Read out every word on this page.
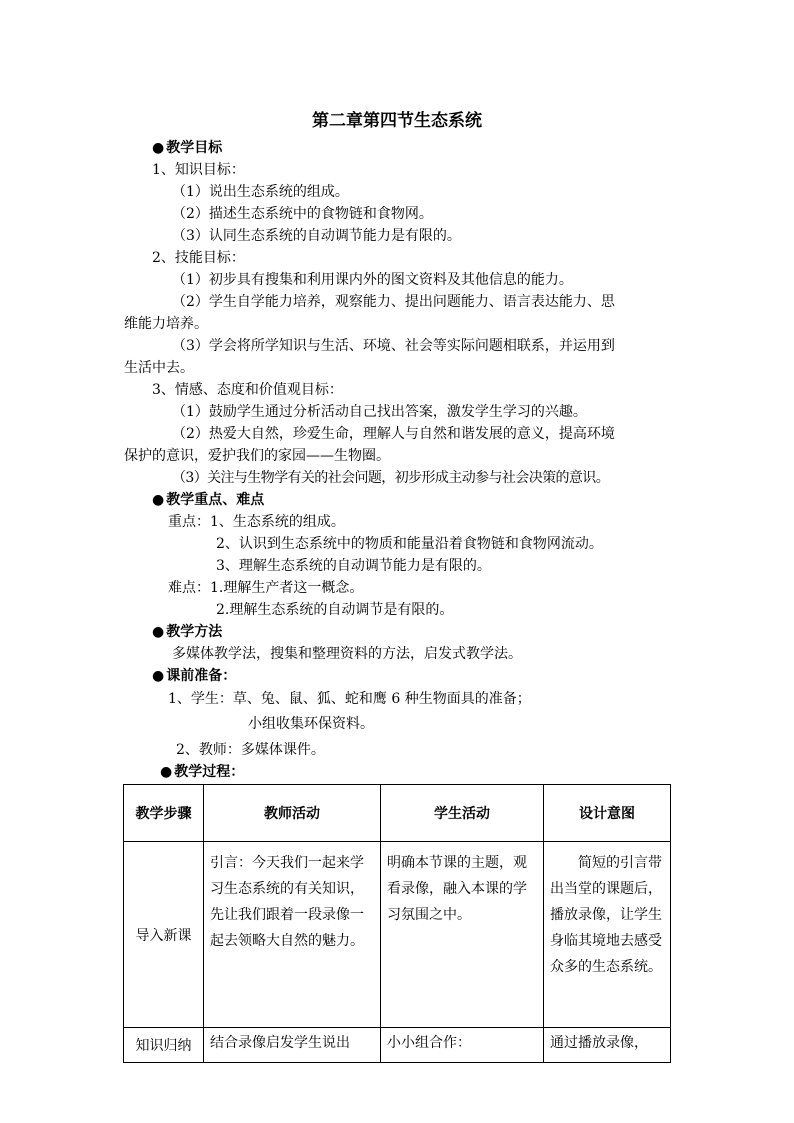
第二章第四节生态系统
● 教学目标
1、知识目标：
（1）说出生态系统的组成。
（2）描述生态系统中的食物链和食物网。
（3）认同生态系统的自动调节能力是有限的。
2、技能目标：
（1）初步具有搜集和利用课内外的图文资料及其他信息的能力。
（2）学生自学能力培养，观察能力、提出问题能力、语言表达能力、思
维能力培养。
（3）学会将所学知识与生活、环境、社会等实际问题相联系，并运用到
生活中去。
3、情感、态度和价值观目标：
（1）鼓励学生通过分析活动自己找出答案，激发学生学习的兴趣。
（2）热爱大自然，珍爱生命，理解人与自然和谐发展的意义，提高环境
保护的意识，爱护我们的家园——生物圈。
（3）关注与生物学有关的社会问题，初步形成主动参与社会决策的意识。
● 教学重点、难点
重点：1、生态系统的组成。
2、认识到生态系统中的物质和能量沿着食物链和食物网流动。
3、理解生态系统的自动调节能力是有限的。
难点：1.理解生产者这一概念。
2.理解生态系统的自动调节是有限的。
● 教学方法
多媒体教学法，搜集和整理资料的方法，启发式教学法。
● 课前准备：
1、学生：草、兔、鼠、狐、蛇和鹰 6 种生物面具的准备；
小组收集环保资料。
2、教师：多媒体课件。
● 教学过程：
教学步骤	教师活动	学生活动	设计意图

导入新课	引言：今天我们一起来学习生态系统的有关知识，先让我们跟着一段录像一起去领略大自然的魅力。	明确本节课的主题，观看录像，融入本课的学习氛围之中。	简短的引言带出当堂的课题后，播放录像，让学生身临其境地去感受众多的生态系统。

知识归纳	结合录像启发学生说出	小小组合作：	通过播放录像，
